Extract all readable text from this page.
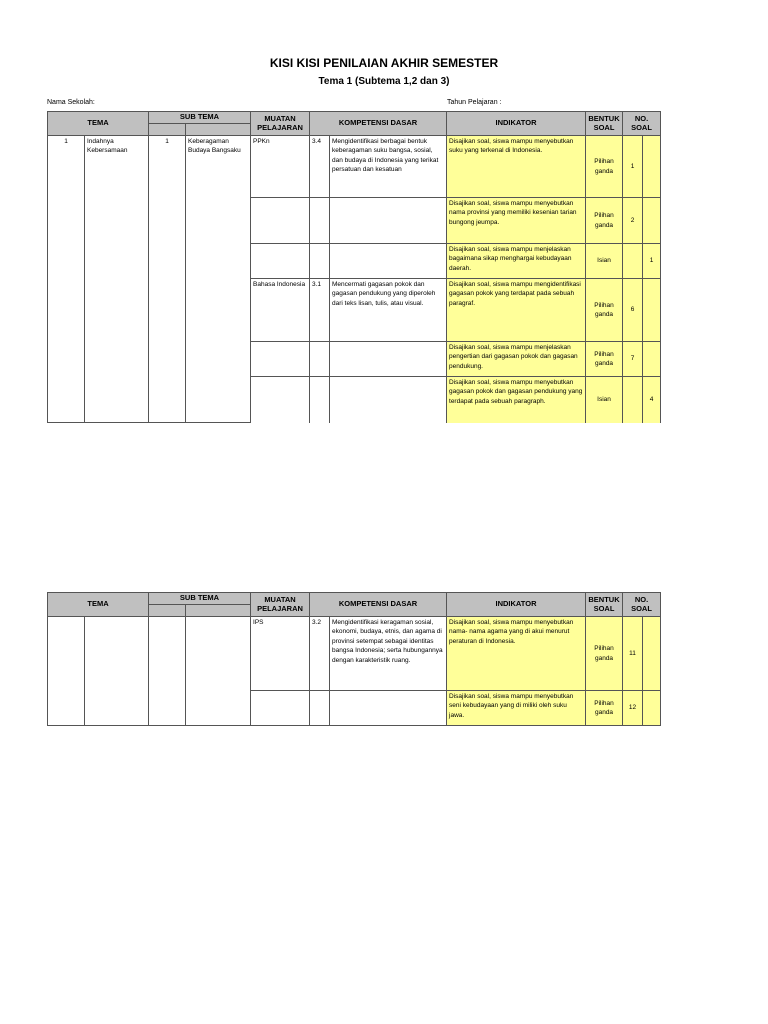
KISI KISI PENILAIAN AKHIR SEMESTER
Tema 1 (Subtema 1,2 dan 3)
Nama Sekolah:	Tahun Pelajaran :
TEMA		SUB TEMA		MUATAN
PELAJARAN	KOMPETENSI DASAR		INDIKATOR	BENTUK
SOAL	NO.
SOAL	

1	Indahnya Kebersamaan	1	Keberagaman Budaya Bangsaku	PPKn	3.4	Mengidentifikasi berbagai bentuk keberagaman suku bangsa, sosial, dan budaya di Indonesia yang terikat persatuan dan kesatuan	Disajikan soal, siswa mampu menyebutkan suku yang terkenal di Indonesia.	Pilihan ganda	1	
							Disajikan soal, siswa mampu menyebutkan nama provinsi yang memiliki kesenian tarian bungong jeumpa.	Pilihan ganda	2	
							Disajikan soal, siswa mampu menjelaskan bagaimana sikap menghargai kebudayaan daerah.	Isian		1
				Bahasa Indonesia	3.1	Mencermati gagasan pokok dan gagasan pendukung yang diperoleh dari teks lisan, tulis, atau visual.	Disajikan soal, siswa mampu mengidentifikasi gagasan pokok yang terdapat pada sebuah paragraf.	Pilihan ganda	6	
							Disajikan soal, siswa mampu menjelaskan pengertian dari gagasan pokok dan gagasan pendukung.	Pilihan ganda	7	
							Disajikan soal, siswa mampu menyebutkan gagasan pokok dan gagasan pendukung yang terdapat pada sebuah paragraph.	Isian		4
TEMA		SUB TEMA		MUATAN
PELAJARAN	KOMPETENSI DASAR		INDIKATOR	BENTUK
SOAL	NO.
SOAL	

				IPS	3.2	Mengidentifikasi keragaman sosial, ekonomi, budaya, etnis, dan agama di provinsi setempat sebagai identitas bangsa Indonesia; serta hubungannya dengan karakteristik ruang.	Disajikan soal, siswa mampu menyebutkan nama- nama agama yang di akui menurut peraturan di Indonesia.	Pilihan ganda	11	
							Disajikan soal, siswa mampu menyebutkan seni kebudayaan yang di miliki oleh suku jawa.	Pilihan ganda	12	
